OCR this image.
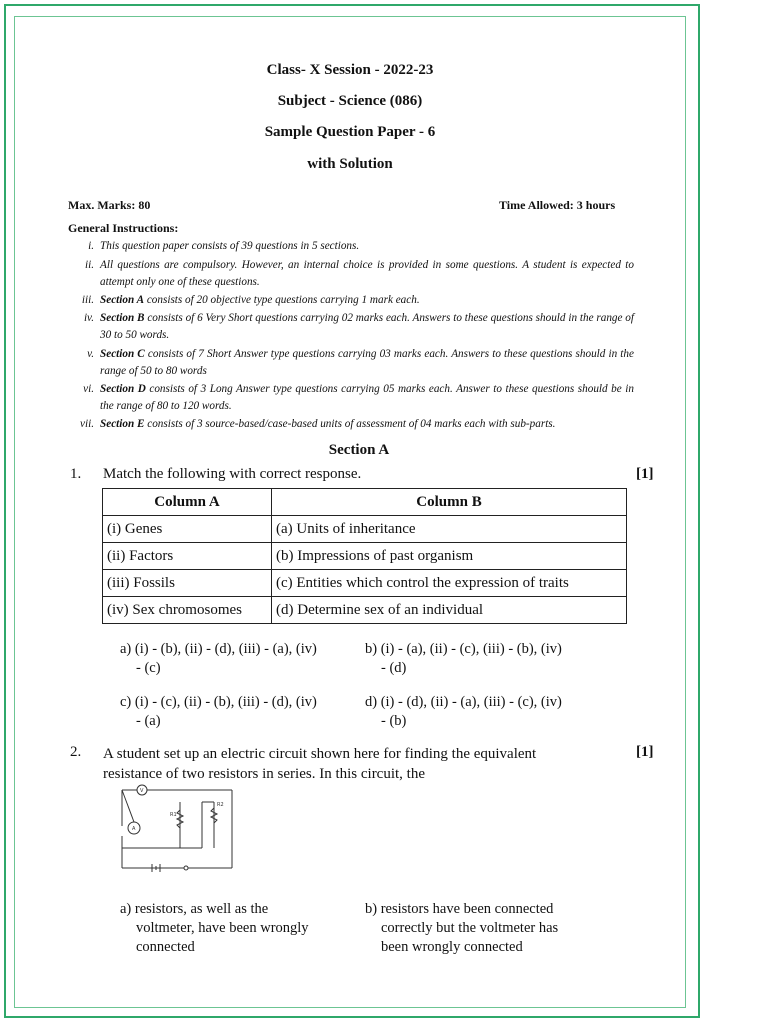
Class- X Session - 2022-23
Subject - Science (086)
Sample Question Paper - 6
with Solution
Max. Marks: 80	Time Allowed: 3 hours
General Instructions:
i. This question paper consists of 39 questions in 5 sections.
ii. All questions are compulsory. However, an internal choice is provided in some questions. A student is expected to attempt only one of these questions.
iii. Section A consists of 20 objective type questions carrying 1 mark each.
iv. Section B consists of 6 Very Short questions carrying 02 marks each. Answers to these questions should in the range of 30 to 50 words.
v. Section C consists of 7 Short Answer type questions carrying 03 marks each. Answers to these questions should in the range of 50 to 80 words
vi. Section D consists of 3 Long Answer type questions carrying 05 marks each. Answer to these questions should be in the range of 80 to 120 words.
vii. Section E consists of 3 source-based/case-based units of assessment of 04 marks each with sub-parts.
Section A
1. Match the following with correct response.	[1]
Column A	Column B
(i) Genes	(a) Units of inheritance
(ii) Factors	(b) Impressions of past organism
(iii) Fossils	(c) Entities which control the expression of traits
(iv) Sex chromosomes	(d) Determine sex of an individual
a) (i) - (b), (ii) - (d), (iii) - (a), (iv)
- (c)
b) (i) - (a), (ii) - (c), (iii) - (b), (iv)
- (d)
c) (i) - (c), (ii) - (b), (iii) - (d), (iv)
- (a)
d) (i) - (d), (ii) - (a), (iii) - (c), (iv)
- (b)
2. A student set up an electric circuit shown here for finding the equivalent
resistance of two resistors in series. In this circuit, the
[1]
V
A
R1
R2
a) resistors, as well as the
voltmeter, have been wrongly
connected
b) resistors have been connected
correctly but the voltmeter has
been wrongly connected
